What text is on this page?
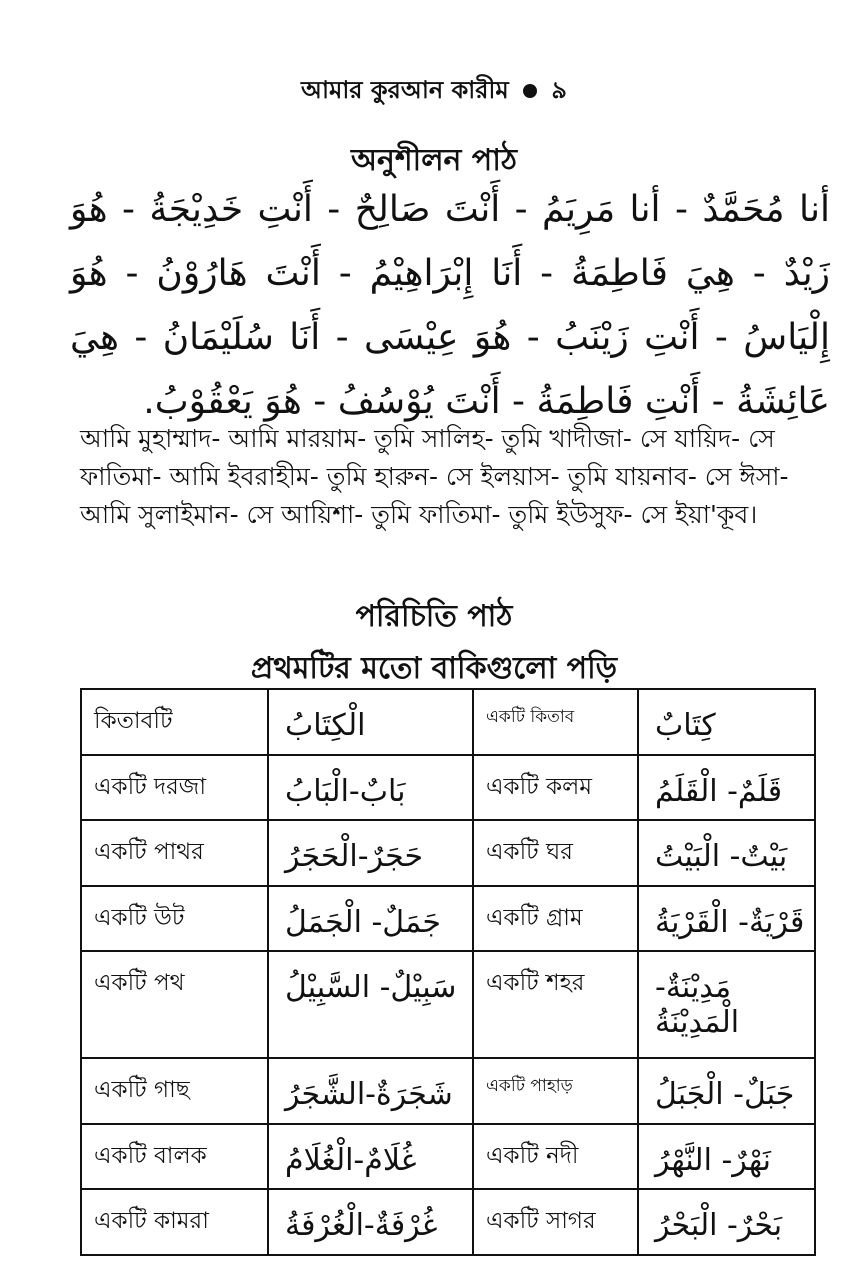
আমার কুরআন কারীম ৯
অনুশীলন পাঠ
أنا مُحَمَّدٌ - أنا مَرِيَمُ - أَنْتَ صَالِحٌ - أَنْتِ خَدِيْجَةُ - هُوَ زَيْدٌ - هِيَ فَاطِمَةُ - أَنَا إِبْرَاهِيْمُ - أَنْتَ هَارُوْنُ - هُوَ إِلْيَاسُ - أَنْتِ زَيْنَبُ - هُوَ عِيْسَى - أَنَا سُلَيْمَانُ - هِيَ عَائِشَةُ - أَنْتِ فَاطِمَةُ - أَنْتَ يُوْسُفُ - هُوَ يَعْقُوْبُ.
আমি মুহাম্মাদ- আমি মারয়াম- তুমি সালিহ- তুমি খাদীজা- সে যায়িদ- সে ফাতিমা- আমি ইবরাহীম- তুমি হারুন- সে ইলয়াস- তুমি যায়নাব- সে ঈসা- আমি সুলাইমান- সে আয়িশা- তুমি ফাতিমা- তুমি ইউসুফ- সে ইয়া'কূব।
পরিচিতি পাঠ
প্রথমটির মতো বাকিগুলো পড়ি
কিতাবটি	الْكِتَابُ	একটি কিতাব	كِتَابٌ
একটি দরজা	بَابٌ-الْبَابُ	একটি কলম	قَلَمٌ- الْقَلَمُ
একটি পাথর	حَجَرٌ-الْحَجَرُ	একটি ঘর	بَيْتٌ- الْبَيْتُ
একটি উট	جَمَلٌ- الْجَمَلُ	একটি গ্রাম	قَرْيَةٌ- الْقَرْيَةُ
একটি পথ	سَبِيْلٌ- السَّبِيْلُ	একটি শহর	مَدِيْنَةٌ- الْمَدِيْنَةُ
একটি গাছ	شَجَرَةٌ-الشَّجَرُ	একটি পাহাড়	جَبَلٌ- الْجَبَلُ
একটি বালক	غُلَامٌ-الْغُلَامُ	একটি নদী	نَهْرٌ- النَّهْرُ
একটি কামরা	غُرْفَةٌ-الْغُرْفَةُ	একটি সাগর	بَحْرٌ- الْبَحْرُ
